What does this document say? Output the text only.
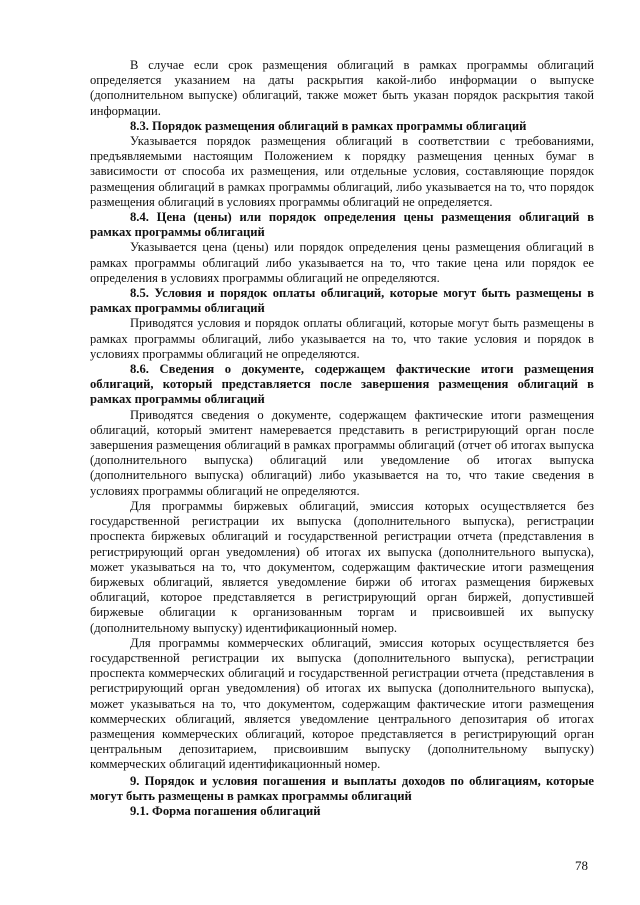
В случае если срок размещения облигаций в рамках программы облигаций определяется указанием на даты раскрытия какой-либо информации о выпуске (дополнительном выпуске) облигаций, также может быть указан порядок раскрытия такой информации.

8.3. Порядок размещения облигаций в рамках программы облигаций

Указывается порядок размещения облигаций в соответствии с требованиями, предъявляемыми настоящим Положением к порядку размещения ценных бумаг в зависимости от способа их размещения, или отдельные условия, составляющие порядок размещения облигаций в рамках программы облигаций, либо указывается на то, что порядок размещения облигаций в условиях программы облигаций не определяется.

8.4. Цена (цены) или порядок определения цены размещения облигаций в рамках программы облигаций

Указывается цена (цены) или порядок определения цены размещения облигаций в рамках программы облигаций либо указывается на то, что такие цена или порядок ее определения в условиях программы облигаций не определяются.

8.5. Условия и порядок оплаты облигаций, которые могут быть размещены в рамках программы облигаций

Приводятся условия и порядок оплаты облигаций, которые могут быть размещены в рамках программы облигаций, либо указывается на то, что такие условия и порядок в условиях программы облигаций не определяются.

8.6. Сведения о документе, содержащем фактические итоги размещения облигаций, который представляется после завершения размещения облигаций в рамках программы облигаций

Приводятся сведения о документе, содержащем фактические итоги размещения облигаций, который эмитент намеревается представить в регистрирующий орган после завершения размещения облигаций в рамках программы облигаций (отчет об итогах выпуска (дополнительного выпуска) облигаций или уведомление об итогах выпуска (дополнительного выпуска) облигаций) либо указывается на то, что такие сведения в условиях программы облигаций не определяются.

Для программы биржевых облигаций, эмиссия которых осуществляется без государственной регистрации их выпуска (дополнительного выпуска), регистрации проспекта биржевых облигаций и государственной регистрации отчета (представления в регистрирующий орган уведомления) об итогах их выпуска (дополнительного выпуска), может указываться на то, что документом, содержащим фактические итоги размещения биржевых облигаций, является уведомление биржи об итогах размещения биржевых облигаций, которое представляется в регистрирующий орган биржей, допустившей биржевые облигации к организованным торгам и присвоившей их выпуску (дополнительному выпуску) идентификационный номер.

Для программы коммерческих облигаций, эмиссия которых осуществляется без государственной регистрации их выпуска (дополнительного выпуска), регистрации проспекта коммерческих облигаций и государственной регистрации отчета (представления в регистрирующий орган уведомления) об итогах их выпуска (дополнительного выпуска), может указываться на то, что документом, содержащим фактические итоги размещения коммерческих облигаций, является уведомление центрального депозитария об итогах размещения коммерческих облигаций, которое представляется в регистрирующий орган центральным депозитарием, присвоившим выпуску (дополнительному выпуску) коммерческих облигаций идентификационный номер.

9. Порядок и условия погашения и выплаты доходов по облигациям, которые могут быть размещены в рамках программы облигаций

9.1. Форма погашения облигаций

78
